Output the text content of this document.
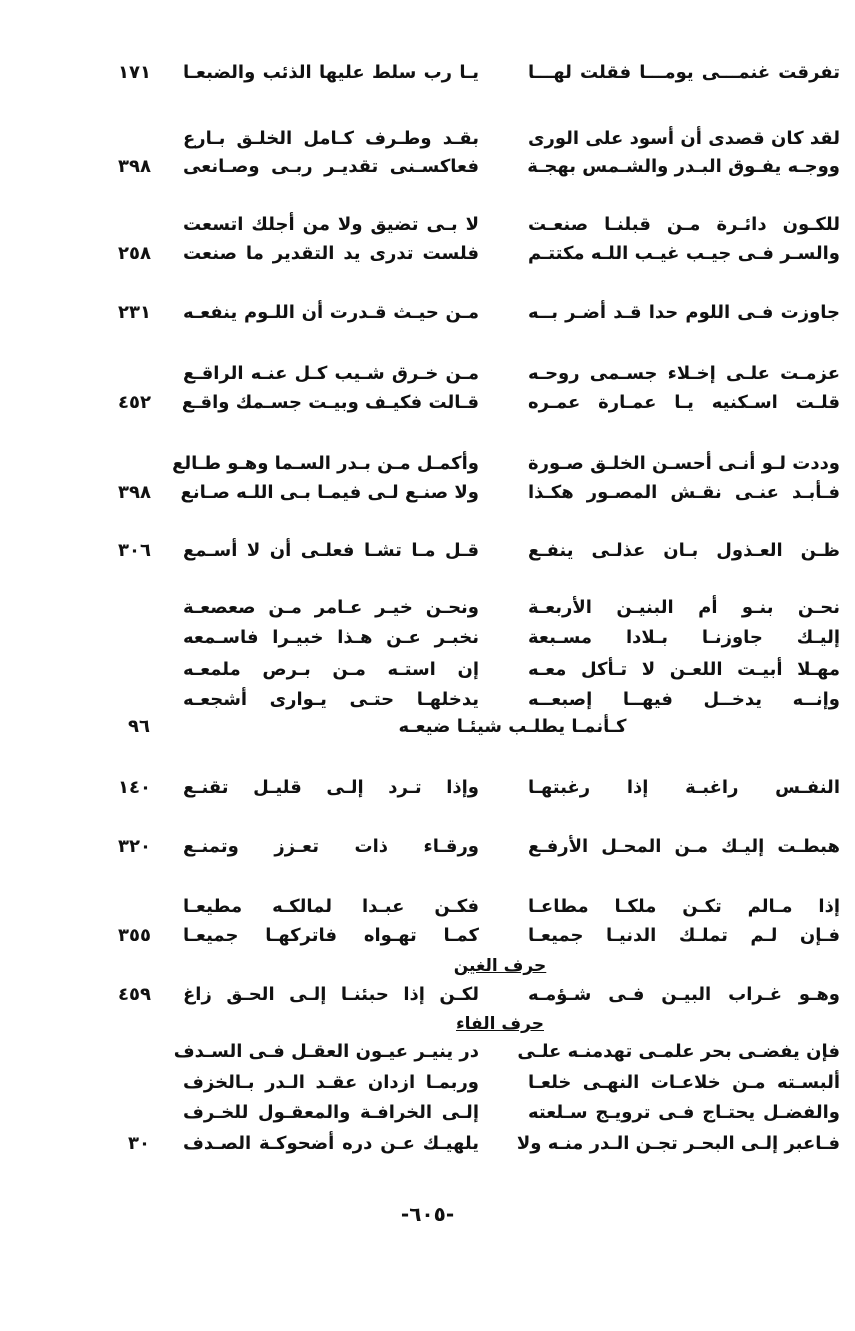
تفرقت غنمـــى يومـــا فقلت لهـــا
يـا رب سلط عليها الذئب والضبعـا
١٧١
لقد كان قصدى أن أسود على الورى
بقـد وطـرف كـامل الخلـق بـارع
ووجـه يفـوق البـدر والشـمس بهجـة
فعاكسـنى تقديـر ربـى وصـانعى
٣٩٨
للكـون دائـرة مـن قبلنـا صنعـت
لا بـى تضيق ولا من أجلك اتسعت
والسـر فـى جيـب غيـب اللـه مكتتـم
فلست تدرى يد التقدير ما صنعت
٢٥٨
جاوزت فـى اللوم حدا قـد أضـر بــه
مـن حيـث قـدرت أن اللـوم ينفعـه
٢٣١
عزمـت علـى إخـلاء جسـمى روحـه
مـن خـرق شـيب كـل عنـه الراقـع
قلـت اسـكنيه يـا عمـارة عمـره
قـالت فكيـف وبيـت جسـمك واقـع
٤٥٢
وددت لـو أنـى أحسـن الخلـق صـورة
وأكمـل مـن بـدر السـما وهـو طـالع
فـأبـد عنـى نقـش المصـور هكـذا
ولا صنـع لـى فيمـا بـى اللـه صـانع
٣٩٨
ظـن العـذول بـان عذلـى ينفـع
قـل مـا تشـا فعلـى أن لا أسـمع
٣٠٦
نحـن بنـو أم البنيـن الأربعـة
ونحـن خيـر عـامر مـن صعصعـة
إليـك جاوزنـا بـلادا مسـبعة
نخبـر عـن هـذا خبيـرا فاسـمعه
مهـلا أبيـت اللعـن لا تـأكل معـه
إن استـه مـن بـرص ملمعـه
وإنــه يدخــل فيهــا إصبعــه
يدخلهـا حتـى يـوارى أشجعـه
كـأنمـا يطلـب شيئـا ضيعـه
٩٦
النفـس راغبـة إذا رغبتهـا
وإذا تـرد إلـى قليـل تقنـع
١٤٠
هبطـت إليـك مـن المحـل الأرفـع
ورقـاء ذات تعـزز وتمنـع
٣٢٠
إذا مـالم تكـن ملكـا مطاعـا
فكـن عبـدا لمالكـه مطيعـا
فـإن لـم تملـك الدنيـا جميعـا
كمـا تهـواه فاتركهـا جميعـا
٣٥٥
حرف الغين
وهـو غـراب البيـن فـى شـؤمـه
لكـن إذا حبئنـا إلـى الحـق زاغ
٤٥٩
حرف الفاء
فإن يفضـى بحر علمـى تهدمنـه علـى
در ينيـر عيـون العقـل فـى السـدف
ألبسـته مـن خلاعـات النهـى خلعـا
وربمـا ازدان عقـد الـدر بـالخزف
والفضـل يحتـاج فـى ترويـج سـلعته
إلـى الخرافـة والمعقـول للخـرف
فـاعبر إلـى البحـر تجـن الـدر منـه ولا
يلهيـك عـن دره أضحوكـة الصـدف
٣٠
-٦٠٥-
